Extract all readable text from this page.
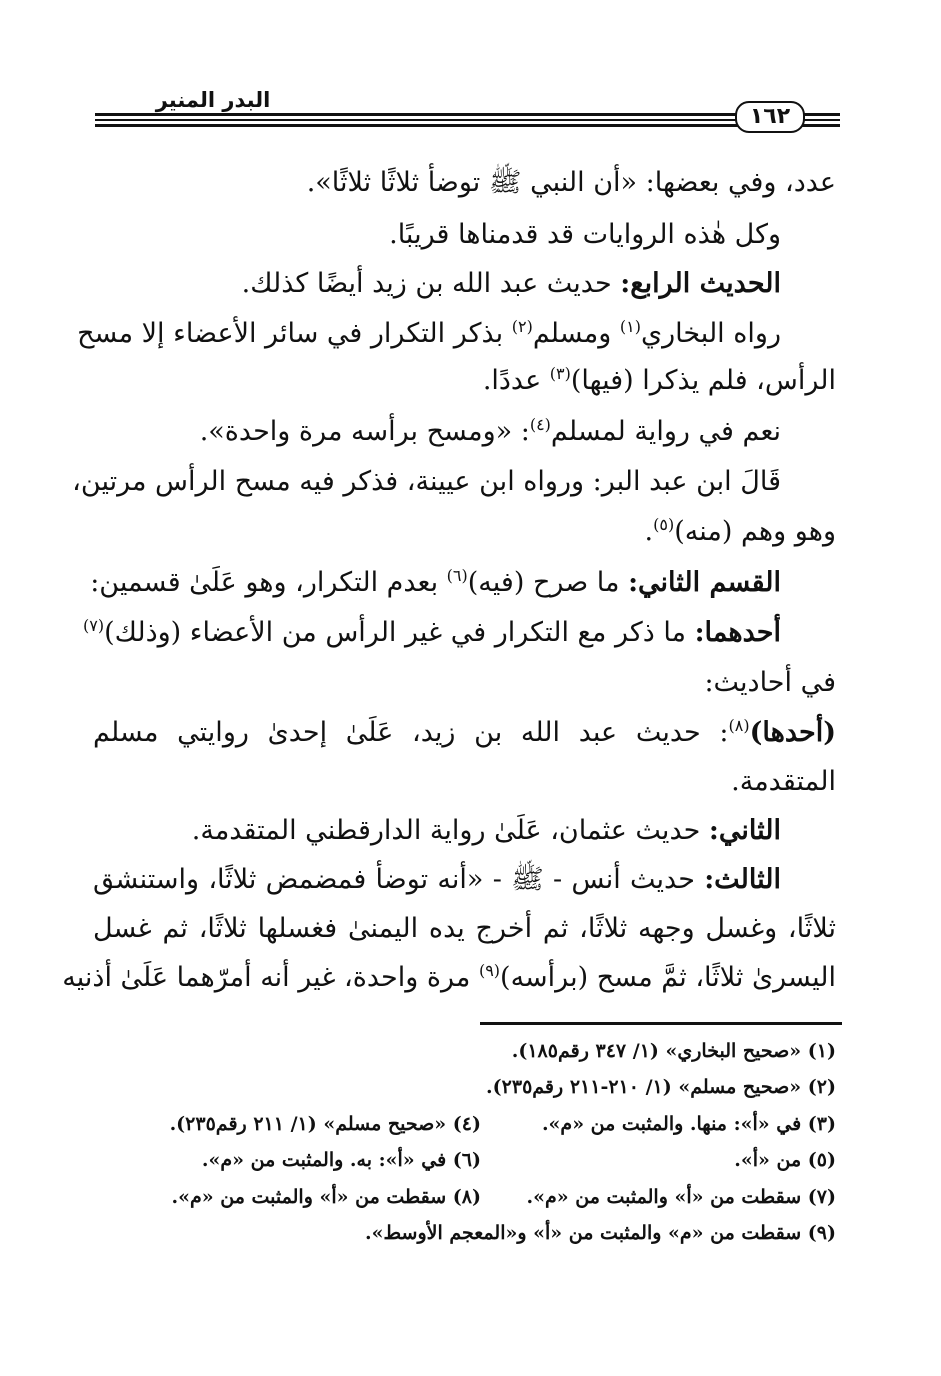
البدر المنير
١٦٢
عدد، وفي بعضها: «أن النبي ﷺ توضأ ثلاثًا ثلاثًا».
وكل هٰذه الروايات قد قدمناها قريبًا.
الحديث الرابع: حديث عبد الله بن زيد أيضًا كذلك.
رواه البخاري$^{(١)}$ ومسلم$^{(٢)}$ بذكر التكرار في سائر الأعضاء إلا مسح
الرأس، فلم يذكرا (فيها)$^{(٣)}$ عددًا.
نعم في رواية لمسلم$^{(٤)}$: «ومسح برأسه مرة واحدة».
قَالَ ابن عبد البر: ورواه ابن عيينة، فذكر فيه مسح الرأس مرتين،
وهو وهم (منه)$^{(٥)}$.
القسم الثاني: ما صرح (فيه)$^{(٦)}$ بعدم التكرار، وهو عَلَىٰ قسمين:
أحدهما: ما ذكر مع التكرار في غير الرأس من الأعضاء (وذلك)$^{(٧)}$
في أحاديث:
(أحدها)$^{(٨)}$: حديث عبد الله بن زيد، عَلَىٰ إحدىٰ روايتي مسلم
المتقدمة.
الثاني: حديث عثمان، عَلَىٰ رواية الدارقطني المتقدمة.
الثالث: حديث أنس - ﷺ - «أنه توضأ فمضمض ثلاثًا، واستنشق
ثلاثًا، وغسل وجهه ثلاثًا، ثم أخرج يده اليمنىٰ فغسلها ثلاثًا، ثم غسل
اليسرىٰ ثلاثًا، ثمَّ مسح (برأسه)$^{(٩)}$ مرة واحدة، غير أنه أمرّهما عَلَىٰ أذنيه
(١) «صحيح البخاري» (١/ ٣٤٧ رقم١٨٥).
(٢) «صحيح مسلم» (١/ ٢١٠-٢١١ رقم٢٣٥).
(٣) في «أ»: منها. والمثبت من «م».
(٤) «صحيح مسلم» (١/ ٢١١ رقم٢٣٥).
(٥) من «أ».
(٦) في «أ»: به. والمثبت من «م».
(٧) سقطت من «أ» والمثبت من «م».
(٨) سقطت من «أ» والمثبت من «م».
(٩) سقطت من «م» والمثبت من «أ» و«المعجم الأوسط».
